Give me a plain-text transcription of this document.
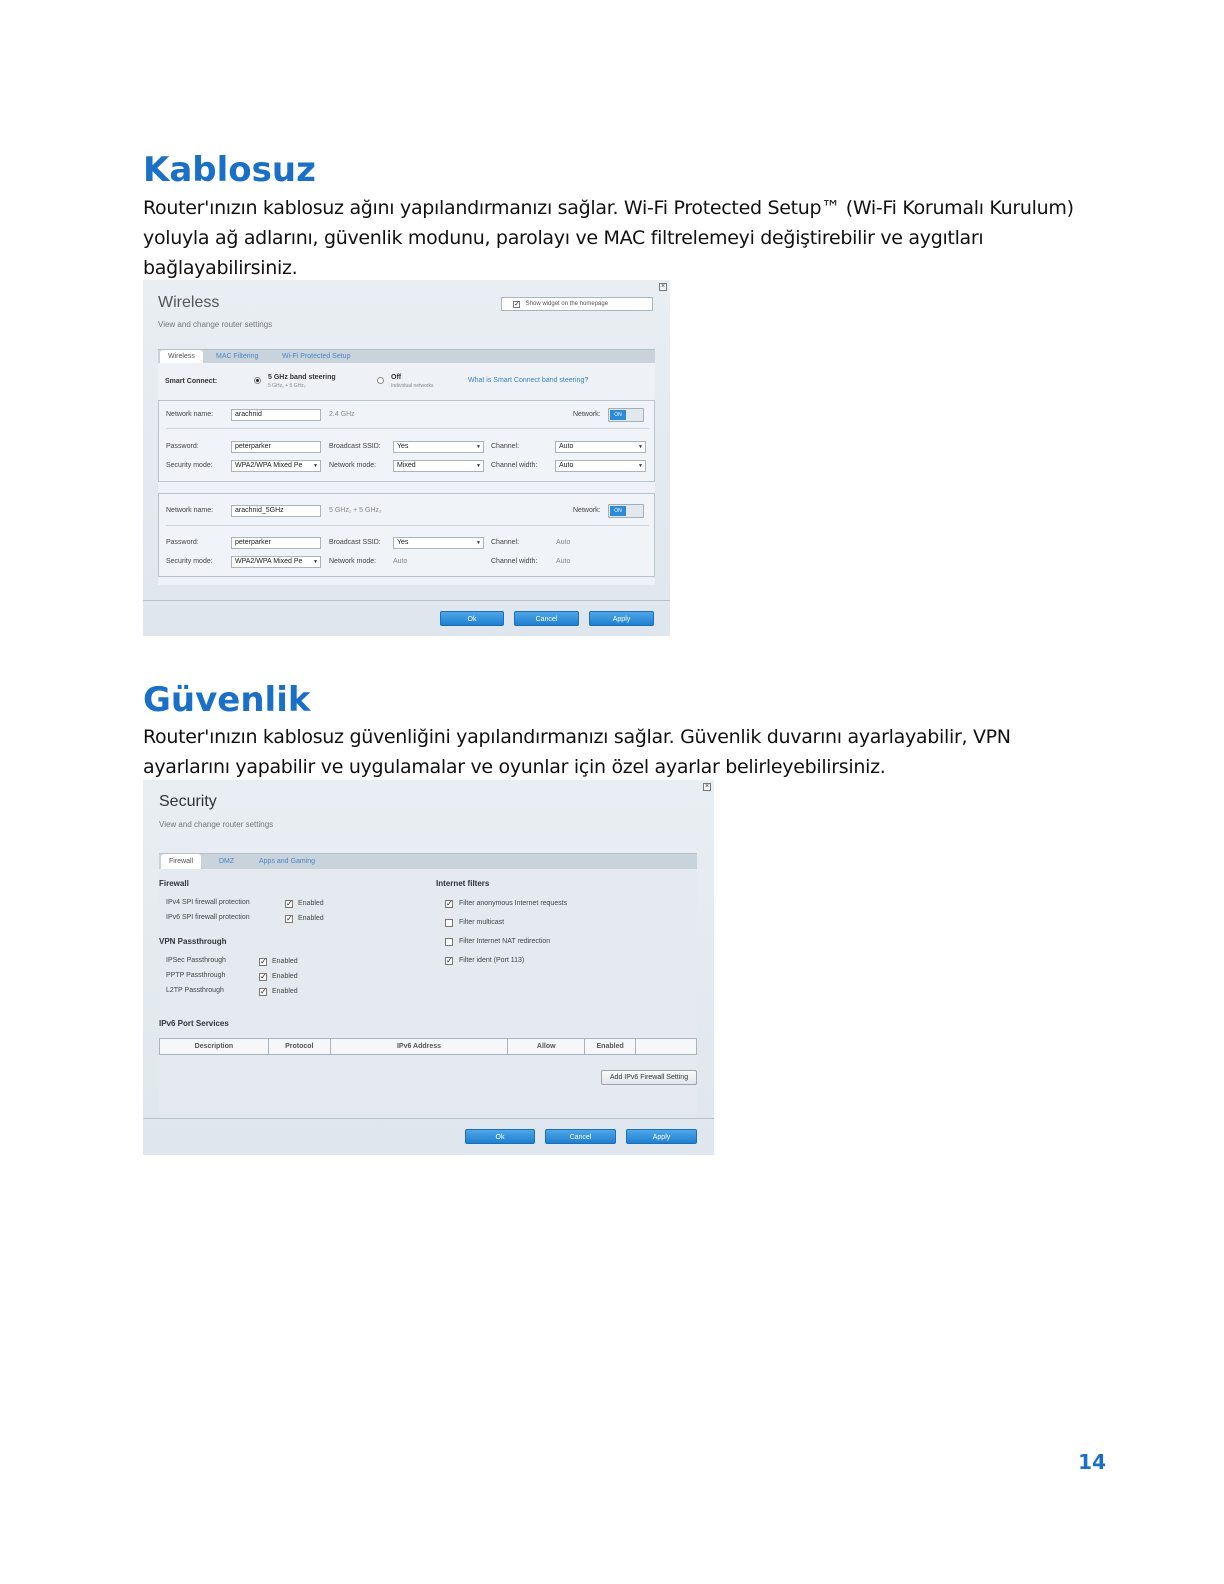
Kablosuz
Router'ınızın kablosuz ağını yapılandırmanızı sağlar. Wi-Fi Protected Setup™ (Wi-Fi Korumalı Kurulum)
yoluyla ağ adlarını, güvenlik modunu, parolayı ve MAC filtrelemeyi değiştirebilir ve aygıtları
bağlayabilirsiniz.
×
Wireless
View and change router settings
✓ Show widget on the homepage
Wireless	MAC Filtering	Wi-Fi Protected Setup
Smart Connect:
5 GHz band steering
5 GHz₁ + 5 GHz₂
Off
Individual networks
What is Smart Connect band steering?
Network name:	arachnid	2.4 GHz	Network:	ON
Password:	peterparker	Broadcast SSID:	Yes ▼	Channel:	Auto ▼
Security mode:	WPA2/WPA Mixed Pe ▼	Network mode:	Mixed ▼	Channel width:	Auto ▼
Network name:	arachnid_5GHz	5 GHz₁ + 5 GHz₂	Network:	ON
Password:	peterparker	Broadcast SSID:	Yes ▼	Channel:	Auto
Security mode:	WPA2/WPA Mixed Pe ▼	Network mode: Auto	Channel width:	Auto
Ok	Cancel	Apply
Güvenlik
Router'ınızın kablosuz güvenliğini yapılandırmanızı sağlar. Güvenlik duvarını ayarlayabilir, VPN
ayarlarını yapabilir ve uygulamalar ve oyunlar için özel ayarlar belirleyebilirsiniz.
×
Security
View and change router settings
Firewall	DMZ	Apps and Gaming
Firewall
IPv4 SPI firewall protection	✓ Enabled
IPv6 SPI firewall protection	✓ Enabled
VPN Passthrough
IPSec Passthrough	✓ Enabled
PPTP Passthrough	✓ Enabled
L2TP Passthrough	✓ Enabled
Internet filters
✓ Filter anonymous Internet requests
Filter multicast
Filter Internet NAT redirection
✓ Filter ident (Port 113)
IPv6 Port Services
Description	Protocol	IPv6 Address	Allow	Enabled	
Add IPv6 Firewall Setting
Ok	Cancel	Apply
14
